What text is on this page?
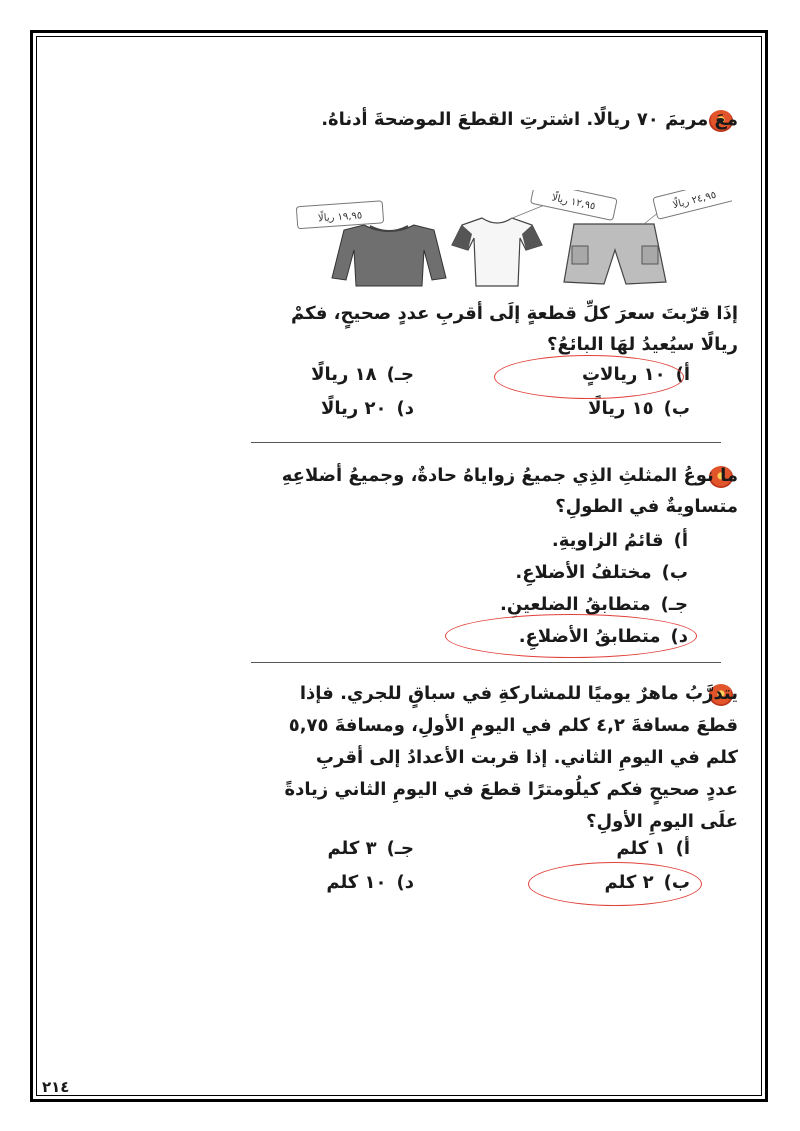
معَ مريمَ ٧٠ ريالًا. اشترتِ القطعَ الموضحةَ أدناهُ.
١٩,٩٥ ريالًا
١٢,٩٥ ريالًا	٢٤,٩٥ ريالًا
إذَا قرّبتَ سعرَ كلِّ قطعةٍ إلَى أقربِ عددٍ صحيحٍ، فكمْ ريالًا سيُعيدُ لهَا البائعُ؟
أ)١٠ ريالاتٍ
جـ)١٨ ريالًا
ب)١٥ ريالًا
د)٢٠ ريالًا
ما نوعُ المثلثِ الذِي جميعُ زواياهُ حادةٌ، وجميعُ أضلاعِهِ متساويةٌ في الطولِ؟
أ)قائمُ الزاويةِ.
ب)مختلفُ الأضلاعِ.
جـ)متطابقُ الضلعينِ.
د)متطابقُ الأضلاعِ.
يتدرَّبُ ماهرٌ يوميًا للمشاركةِ في سباقٍ للجري. فإذا قطعَ مسافةَ ٤,٢ كلم في اليومِ الأولِ، ومسافةَ ٥,٧٥ كلم في اليومِ الثاني. إذا قربت الأعدادُ إلى أقربِ عددٍ صحيحٍ فكم كيلُومترًا قطعَ في اليومِ الثاني زيادةً علَى اليومِ الأولِ؟
أ)١ كلم
جـ)٣ كلم
ب)٢ كلم
د)١٠ كلم
٢١٤
